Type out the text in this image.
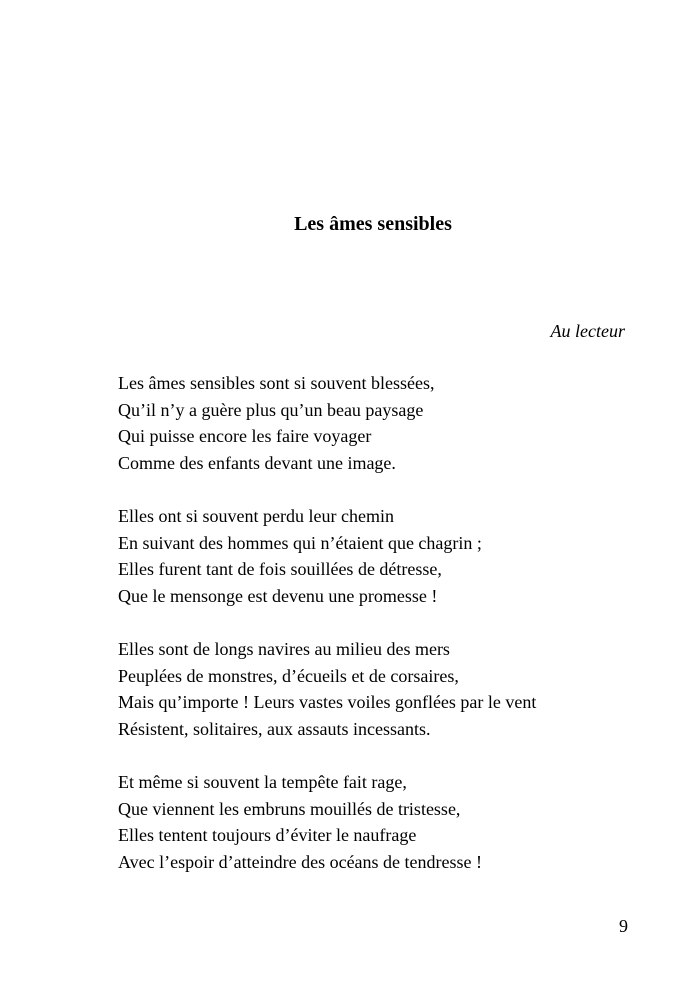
Les âmes sensibles
Au lecteur
Les âmes sensibles sont si souvent blessées,
Qu’il n’y a guère plus qu’un beau paysage
Qui puisse encore les faire voyager
Comme des enfants devant une image.
Elles ont si souvent perdu leur chemin
En suivant des hommes qui n’étaient que chagrin ;
Elles furent tant de fois souillées de détresse,
Que le mensonge est devenu une promesse !
Elles sont de longs navires au milieu des mers
Peuplées de monstres, d’écueils et de corsaires,
Mais qu’importe ! Leurs vastes voiles gonflées par le vent
Résistent, solitaires, aux assauts incessants.
Et même si souvent la tempête fait rage,
Que viennent les embruns mouillés de tristesse,
Elles tentent toujours d’éviter le naufrage
Avec l’espoir d’atteindre des océans de tendresse !
9
